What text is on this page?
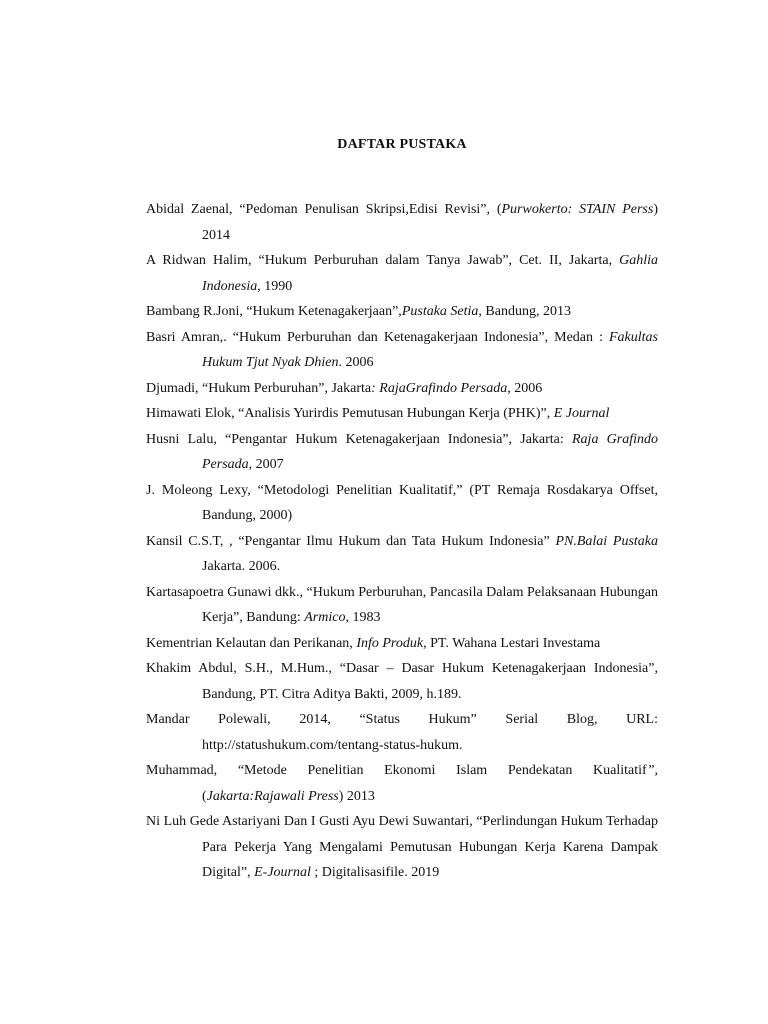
DAFTAR PUSTAKA
Abidal Zaenal, “Pedoman Penulisan Skripsi,Edisi Revisi”, (Purwokerto: STAIN Perss) 2014
A Ridwan Halim, “Hukum Perburuhan dalam Tanya Jawab”, Cet. II, Jakarta, Gahlia Indonesia, 1990
Bambang R.Joni, “Hukum Ketenagakerjaan”,Pustaka Setia, Bandung, 2013
Basri Amran,. “Hukum Perburuhan dan Ketenagakerjaan Indonesia”, Medan : Fakultas Hukum Tjut Nyak Dhien. 2006
Djumadi, “Hukum Perburuhan”, Jakarta: RajaGrafindo Persada, 2006
Himawati Elok, “Analisis Yurirdis Pemutusan Hubungan Kerja (PHK)”, E Journal
Husni Lalu, “Pengantar Hukum Ketenagakerjaan Indonesia”, Jakarta: Raja Grafindo Persada, 2007
J. Moleong Lexy, “Metodologi Penelitian Kualitatif,” (PT Remaja Rosdakarya Offset, Bandung, 2000)
Kansil C.S.T, , “Pengantar Ilmu Hukum dan Tata Hukum Indonesia” PN.Balai Pustaka Jakarta. 2006.
Kartasapoetra Gunawi dkk., “Hukum Perburuhan, Pancasila Dalam Pelaksanaan Hubungan Kerja”, Bandung: Armico, 1983
Kementrian Kelautan dan Perikanan, Info Produk, PT. Wahana Lestari Investama
Khakim Abdul, S.H., M.Hum., “Dasar – Dasar Hukum Ketenagakerjaan Indonesia”, Bandung, PT. Citra Aditya Bakti, 2009, h.189.
Mandar Polewali, 2014, “Status Hukum” Serial Blog, URL: http://statushukum.com/tentang-status-hukum.
Muhammad, “Metode Penelitian Ekonomi Islam Pendekatan Kualitatif”, (Jakarta:Rajawali Press) 2013
Ni Luh Gede Astariyani Dan I Gusti Ayu Dewi Suwantari, “Perlindungan Hukum Terhadap Para Pekerja Yang Mengalami Pemutusan Hubungan Kerja Karena Dampak Digital”, E-Journal ; Digitalisasifile. 2019
